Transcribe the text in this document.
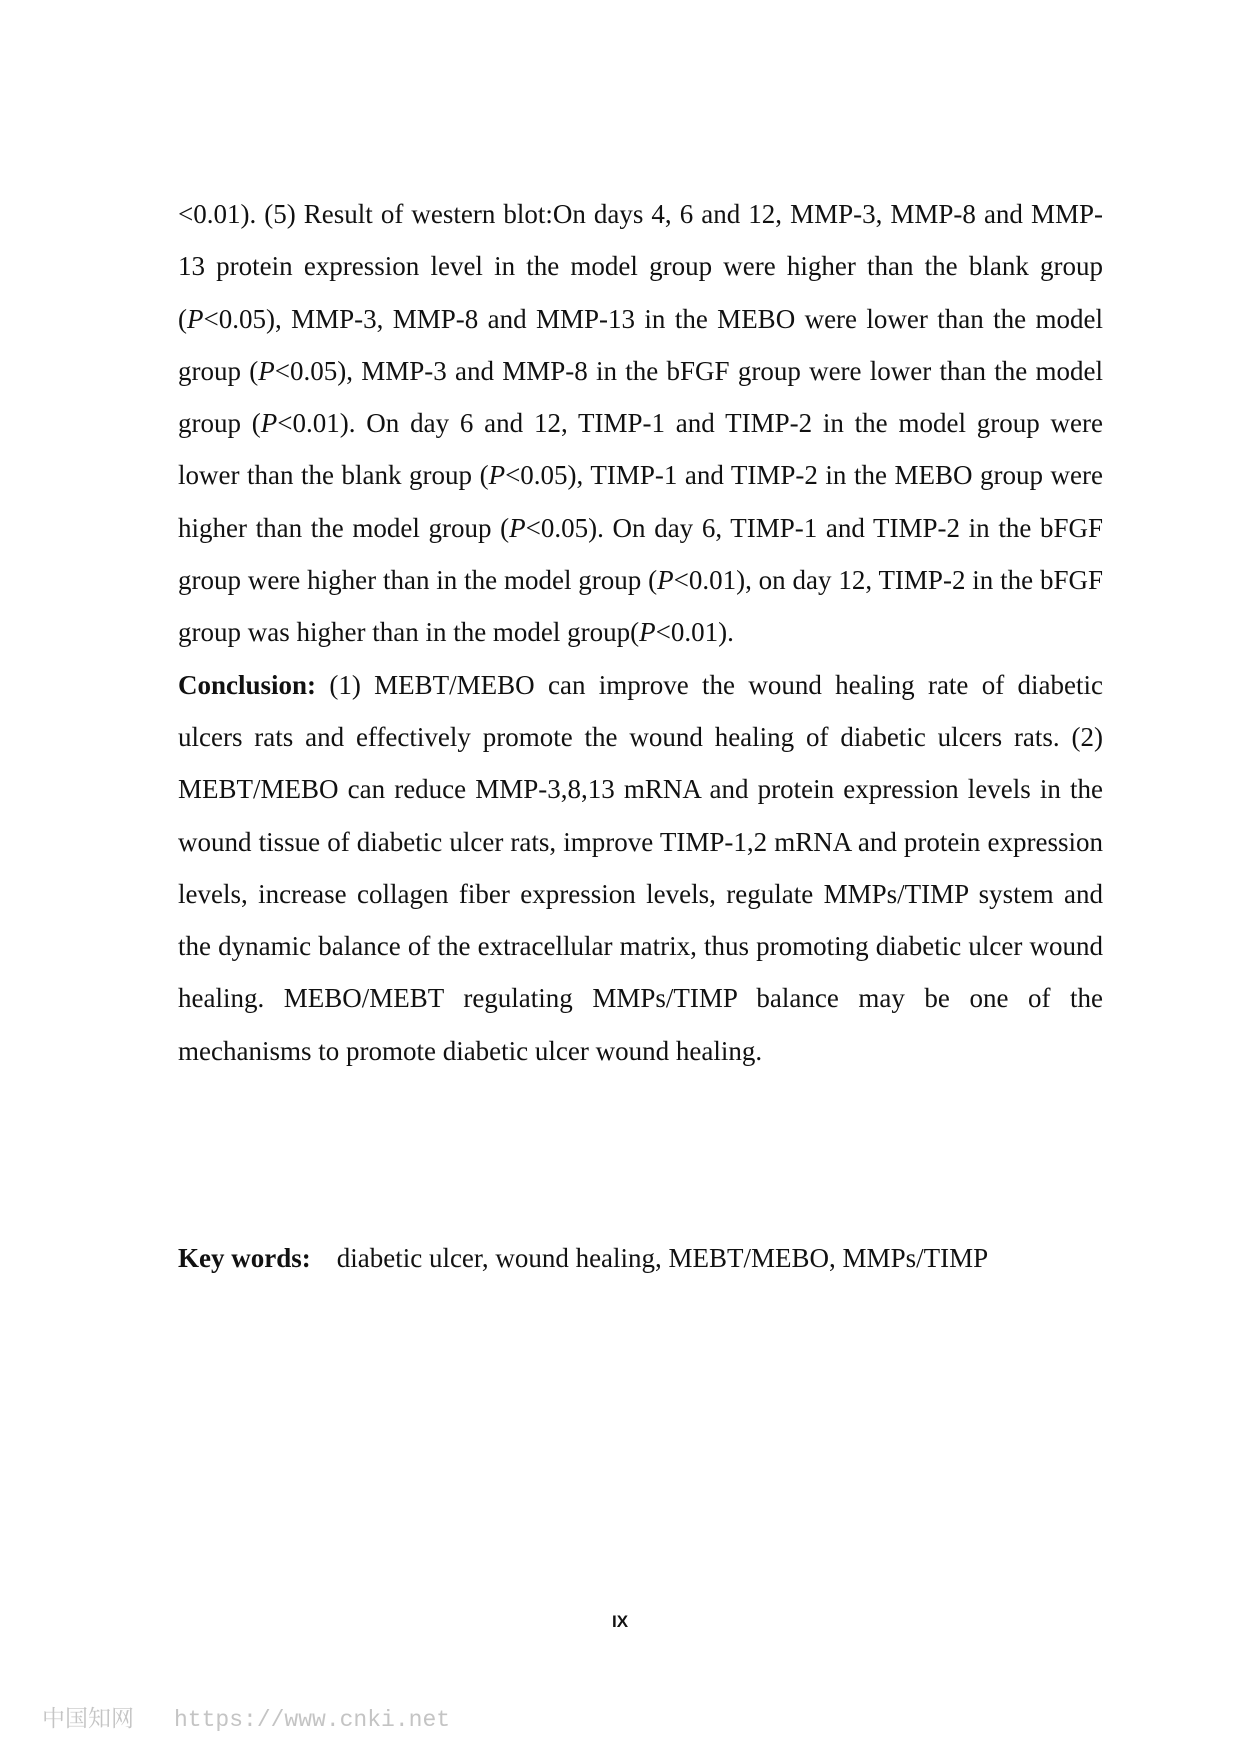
<0.01). (5) Result of western blot:On days 4, 6 and 12, MMP-3, MMP-8 and MMP-13 protein expression level in the model group were higher than the blank group (P<0.05), MMP-3, MMP-8 and MMP-13 in the MEBO were lower than the model group (P<0.05), MMP-3 and MMP-8 in the bFGF group were lower than the model group (P<0.01). On day 6 and 12, TIMP-1 and TIMP-2 in the model group were lower than the blank group (P<0.05), TIMP-1 and TIMP-2 in the MEBO group were higher than the model group (P<0.05). On day 6, TIMP-1 and TIMP-2 in the bFGF group were higher than in the model group (P<0.01), on day 12, TIMP-2 in the bFGF group was higher than in the model group(P<0.01).

Conclusion: (1) MEBT/MEBO can improve the wound healing rate of diabetic ulcers rats and effectively promote the wound healing of diabetic ulcers rats. (2) MEBT/MEBO can reduce MMP-3,8,13 mRNA and protein expression levels in the wound tissue of diabetic ulcer rats, improve TIMP-1,2 mRNA and protein expression levels, increase collagen fiber expression levels, regulate MMPs/TIMP system and the dynamic balance of the extracellular matrix, thus promoting diabetic ulcer wound healing. MEBO/MEBT regulating MMPs/TIMP balance may be one of the mechanisms to promote diabetic ulcer wound healing.

Key words: diabetic ulcer, wound healing, MEBT/MEBO, MMPs/TIMP
IX
中国知网 https://www.cnki.net
